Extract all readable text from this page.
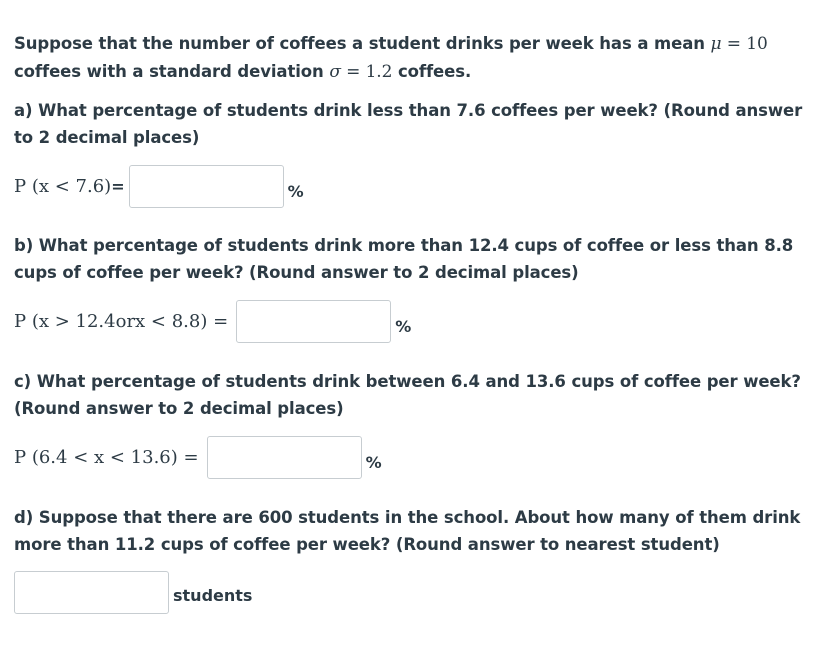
Suppose that the number of coffees a student drinks per week has a mean μ = 10 coffees with a standard deviation σ = 1.2 coffees.
a) What percentage of students drink less than 7.6 coffees per week? (Round answer to 2 decimal places)
P (x < 7.6)=	%
b) What percentage of students drink more than 12.4 cups of coffee or less than 8.8 cups of coffee per week? (Round answer to 2 decimal places)
P (x > 12.4orx < 8.8) =	%
c) What percentage of students drink between 6.4 and 13.6 cups of coffee per week? (Round answer to 2 decimal places)
P (6.4 < x < 13.6) =	%
d) Suppose that there are 600 students in the school. About how many of them drink more than 11.2 cups of coffee per week? (Round answer to nearest student)
students
